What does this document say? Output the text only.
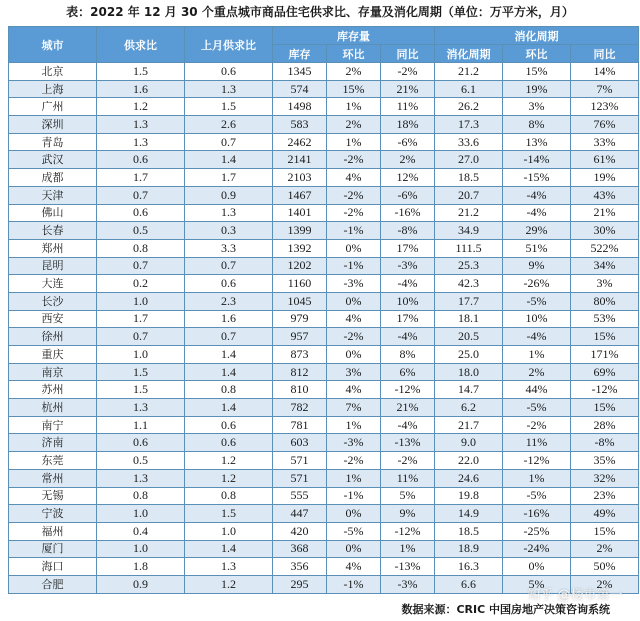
表：2022 年 12 月 30 个重点城市商品住宅供求比、存量及消化周期（单位：万平方米，月）
城市	供求比	上月供求比	库存量			消化周期		
			库存	环比	同比	消化周期	环比	同比
北京	1.5	0.6	1345	2%	-2%	21.2	15%	14%
上海	1.6	1.3	574	15%	21%	6.1	19%	7%
广州	1.2	1.5	1498	1%	11%	26.2	3%	123%
深圳	1.3	2.6	583	2%	18%	17.3	8%	76%
青岛	1.3	0.7	2462	1%	-6%	33.6	13%	33%
武汉	0.6	1.4	2141	-2%	2%	27.0	-14%	61%
成都	1.7	1.7	2103	4%	12%	18.5	-15%	19%
天津	0.7	0.9	1467	-2%	-6%	20.7	-4%	43%
佛山	0.6	1.3	1401	-2%	-16%	21.2	-4%	21%
长春	0.5	0.3	1399	-1%	-8%	34.9	29%	30%
郑州	0.8	3.3	1392	0%	17%	111.5	51%	522%
昆明	0.7	0.7	1202	-1%	-3%	25.3	9%	34%
大连	0.2	0.6	1160	-3%	-4%	42.3	-26%	3%
长沙	1.0	2.3	1045	0%	10%	17.7	-5%	80%
西安	1.7	1.6	979	4%	17%	18.1	10%	53%
徐州	0.7	0.7	957	-2%	-4%	20.5	-4%	15%
重庆	1.0	1.4	873	0%	8%	25.0	1%	171%
南京	1.5	1.4	812	3%	6%	18.0	2%	69%
苏州	1.5	0.8	810	4%	-12%	14.7	44%	-12%
杭州	1.3	1.4	782	7%	21%	6.2	-5%	15%
南宁	1.1	0.6	781	1%	-4%	21.7	-2%	28%
济南	0.6	0.6	603	-3%	-13%	9.0	11%	-8%
东莞	0.5	1.2	571	-2%	-2%	22.0	-12%	35%
常州	1.3	1.2	571	1%	11%	24.6	1%	32%
无锡	0.8	0.8	555	-1%	5%	19.8	-5%	23%
宁波	1.0	1.5	447	0%	9%	14.9	-16%	49%
福州	0.4	1.0	420	-5%	-12%	18.5	-25%	15%
厦门	1.0	1.4	368	0%	1%	18.9	-24%	2%
海口	1.8	1.3	356	4%	-13%	16.3	0%	50%
合肥	0.9	1.2	295	-1%	-3%	6.6	5%	2%
数据来源：CRIC 中国房地产决策咨询系统
知乎 @楼市第一
